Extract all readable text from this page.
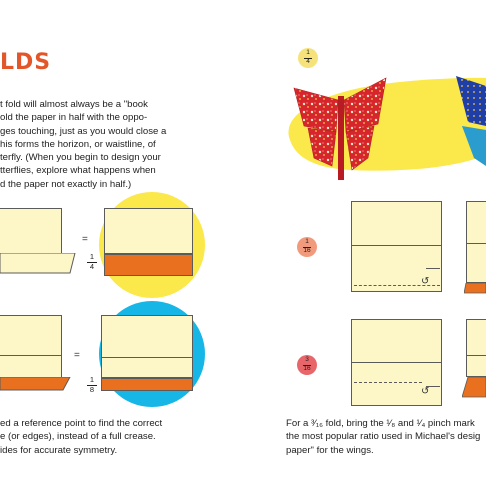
LDS
t fold will almost always be a "book
old the paper in half with the oppo-
ges touching, just as you would close a
his forms the horizon, or waistline, of
terfly. (When you begin to design your
tterflies, explore what happens when
d the paper not exactly in half.)
=
1
4
=
1
8
ed a reference point to find the correct
e (or edges), instead of a full crease.
ides for accurate symmetry.
1
4
1
16
↺
3
16
↺
For a ³⁄₁₆ fold, bring the ¹⁄₈ and ¹⁄₄ pinch mark
the most popular ratio used in Michael's desig
paper" for the wings.
